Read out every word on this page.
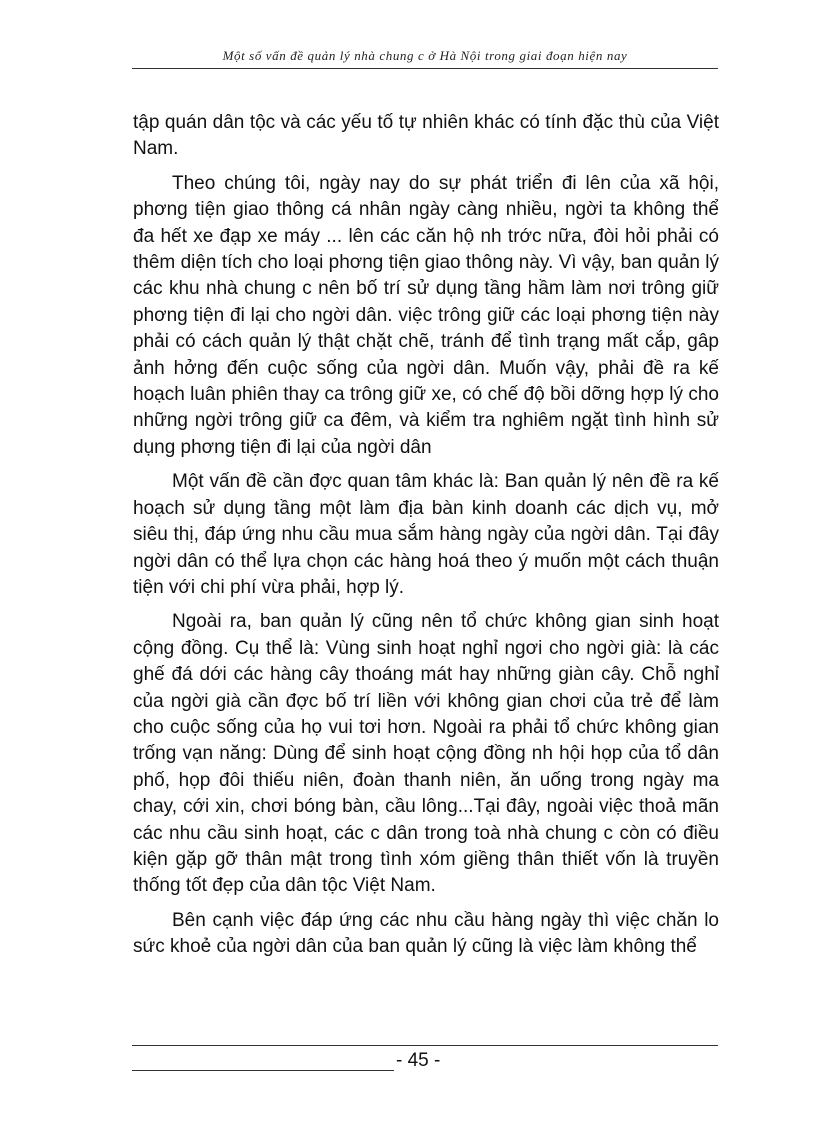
Một số vấn đề quản lý nhà chung c ở Hà Nội trong giai đoạn hiện nay

tập quán dân tộc và các yếu tố tự nhiên khác có tính đặc thù của Việt Nam.

Theo chúng tôi, ngày nay do sự phát triển đi lên của xã hội, phơng tiện giao thông cá nhân ngày càng nhiều, ngời ta không thể đa hết xe đạp xe máy ... lên các căn hộ nh trớc nữa, đòi hỏi phải có thêm diện tích cho loại phơng tiện giao thông này. Vì vậy, ban quản lý các khu nhà chung c nên bố trí sử dụng tầng hầm làm nơi trông giữ phơng tiện đi lại cho ngời dân. việc trông giữ các loại phơng tiện này phải có cách quản lý thật chặt chẽ, tránh để tình trạng mất cắp, gâp ảnh hởng đến cuộc sống của ngời dân. Muốn vậy, phải đề ra kế hoạch luân phiên thay ca trông giữ xe, có chế độ bồi dỡng hợp lý cho những ngời trông giữ ca đêm, và kiểm tra nghiêm ngặt tình hình sử dụng phơng tiện đi lại của ngời dân

Một vấn đề cần đợc quan tâm khác là: Ban quản lý nên đề ra kế hoạch sử dụng tầng một làm địa bàn kinh doanh các dịch vụ, mở siêu thị, đáp ứng nhu cầu mua sắm hàng ngày của ngời dân. Tại đây ngời dân có thể lựa chọn các hàng hoá theo ý muốn một cách thuận tiện với chi phí vừa phải, hợp lý.

Ngoài ra, ban quản lý cũng nên tổ chức không gian sinh hoạt cộng đồng. Cụ thể là: Vùng sinh hoạt nghỉ ngơi cho ngời già: là các ghế đá dới các hàng cây thoáng mát hay những giàn cây. Chỗ nghỉ của ngời già cần đợc bố trí liền với không gian chơi của trẻ để làm cho cuộc sống của họ vui tơi hơn. Ngoài ra phải tổ chức không gian trống vạn năng: Dùng để sinh hoạt cộng đồng nh hội họp của tổ dân phố, họp đôi thiếu niên, đoàn thanh niên, ăn uống trong ngày ma chay, cới xin, chơi bóng bàn, cầu lông...Tại đây, ngoài việc thoả mãn các nhu cầu sinh hoạt, các c dân trong toà nhà chung c còn có điều kiện gặp gỡ thân mật trong tình xóm giềng thân thiết vốn là truyền thống tốt đẹp của dân tộc Việt Nam.

Bên cạnh việc đáp ứng các nhu cầu hàng ngày thì việc chăn lo sức khoẻ của ngời dân của ban quản lý cũng là việc làm không thể

- 45 -
